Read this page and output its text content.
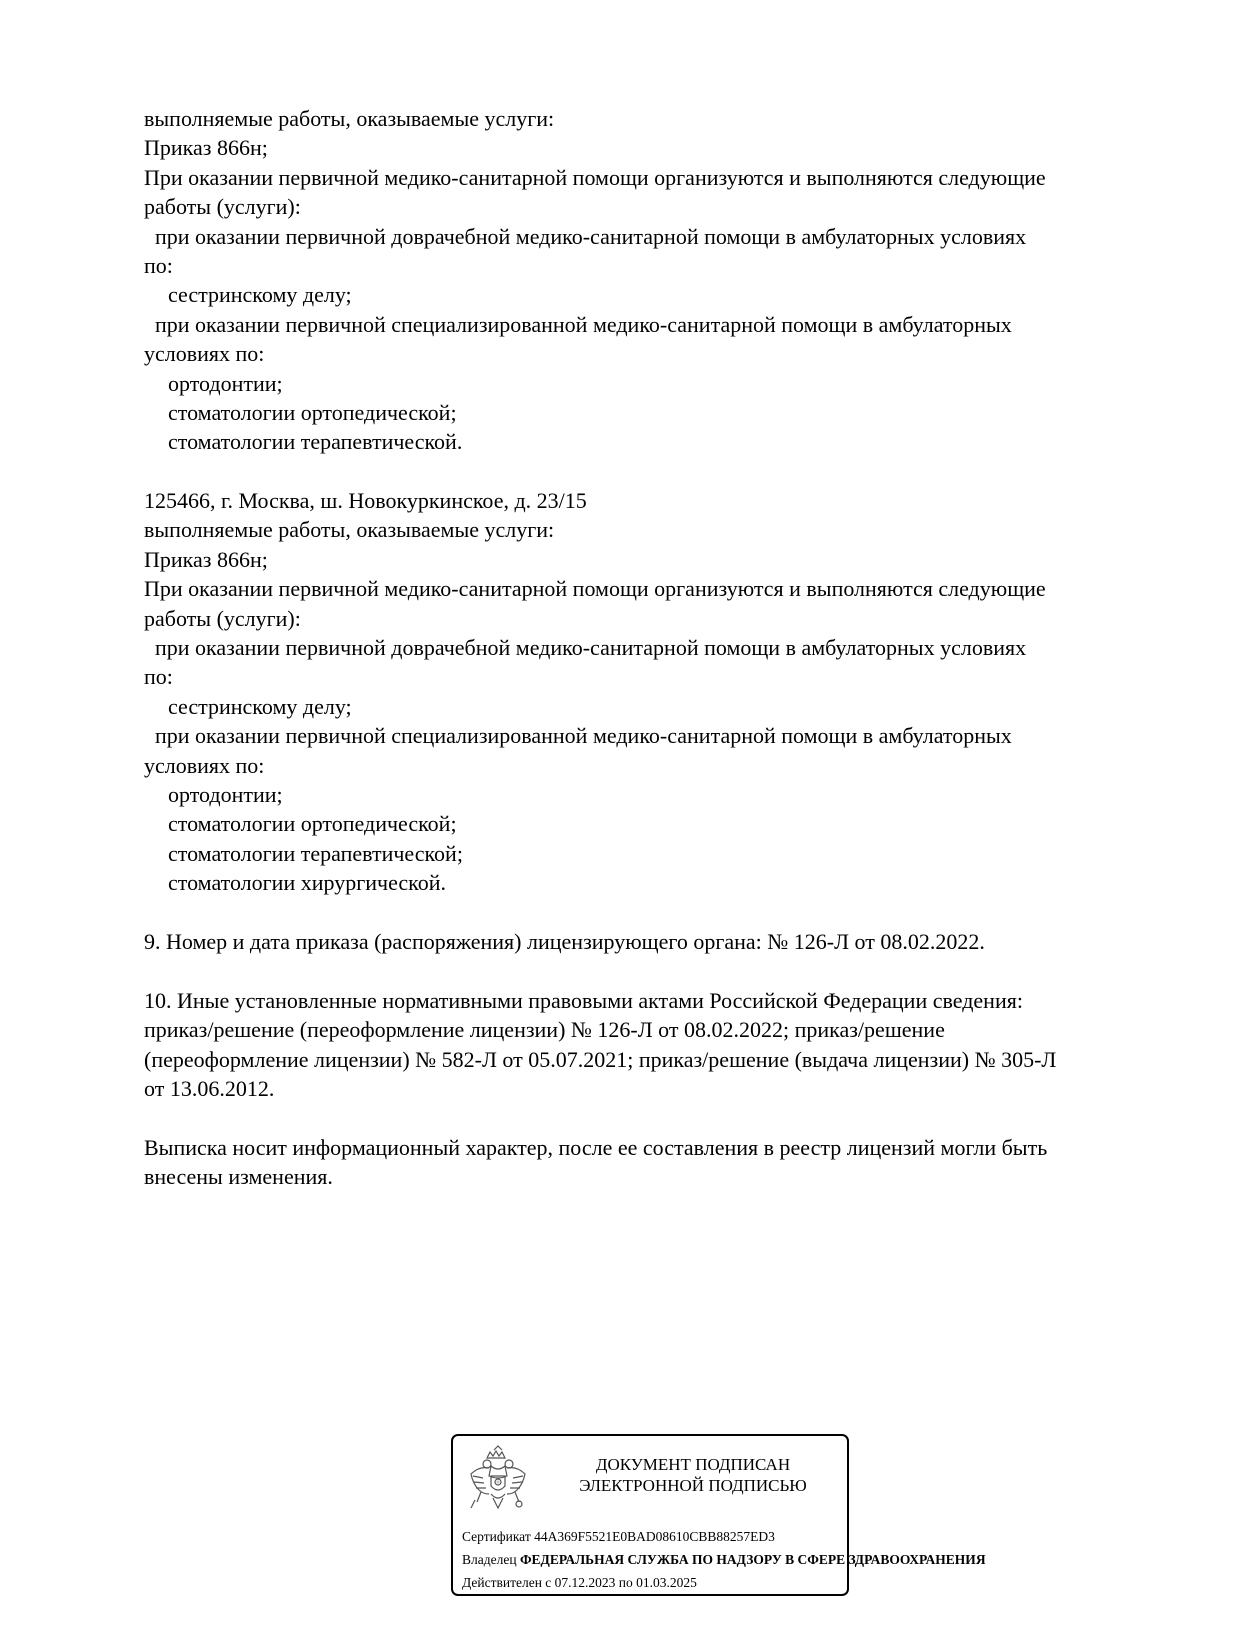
выполняемые работы, оказываемые услуги:
Приказ 866н;
При оказании первичной медико-санитарной помощи организуются и выполняются следующие
работы (услуги):
при оказании первичной доврачебной медико-санитарной помощи в амбулаторных условиях
по:
сестринскому делу;
при оказании первичной специализированной медико-санитарной помощи в амбулаторных
условиях по:
ортодонтии;
стоматологии ортопедической;
стоматологии терапевтической.
125466, г. Москва, ш. Новокуркинское, д. 23/15
выполняемые работы, оказываемые услуги:
Приказ 866н;
При оказании первичной медико-санитарной помощи организуются и выполняются следующие
работы (услуги):
при оказании первичной доврачебной медико-санитарной помощи в амбулаторных условиях
по:
сестринскому делу;
при оказании первичной специализированной медико-санитарной помощи в амбулаторных
условиях по:
ортодонтии;
стоматологии ортопедической;
стоматологии терапевтической;
стоматологии хирургической.
9. Номер и дата приказа (распоряжения) лицензирующего органа: № 126-Л от 08.02.2022.
10. Иные установленные нормативными правовыми актами Российской Федерации сведения:
приказ/решение (переоформление лицензии) № 126-Л от 08.02.2022; приказ/решение
(переоформление лицензии) № 582-Л от 05.07.2021; приказ/решение (выдача лицензии) № 305-Л
от 13.06.2012.
Выписка носит информационный характер, после ее составления в реестр лицензий могли быть
внесены изменения.
ДОКУМЕНТ ПОДПИСАН
ЭЛЕКТРОННОЙ ПОДПИСЬЮ
Сертификат 44A369F5521E0BAD08610CBB88257ED3
Владелец ФЕДЕРАЛЬНАЯ СЛУЖБА ПО НАДЗОРУ В СФЕРЕ ЗДРАВООХРАНЕНИЯ
Действителен с 07.12.2023 по 01.03.2025
